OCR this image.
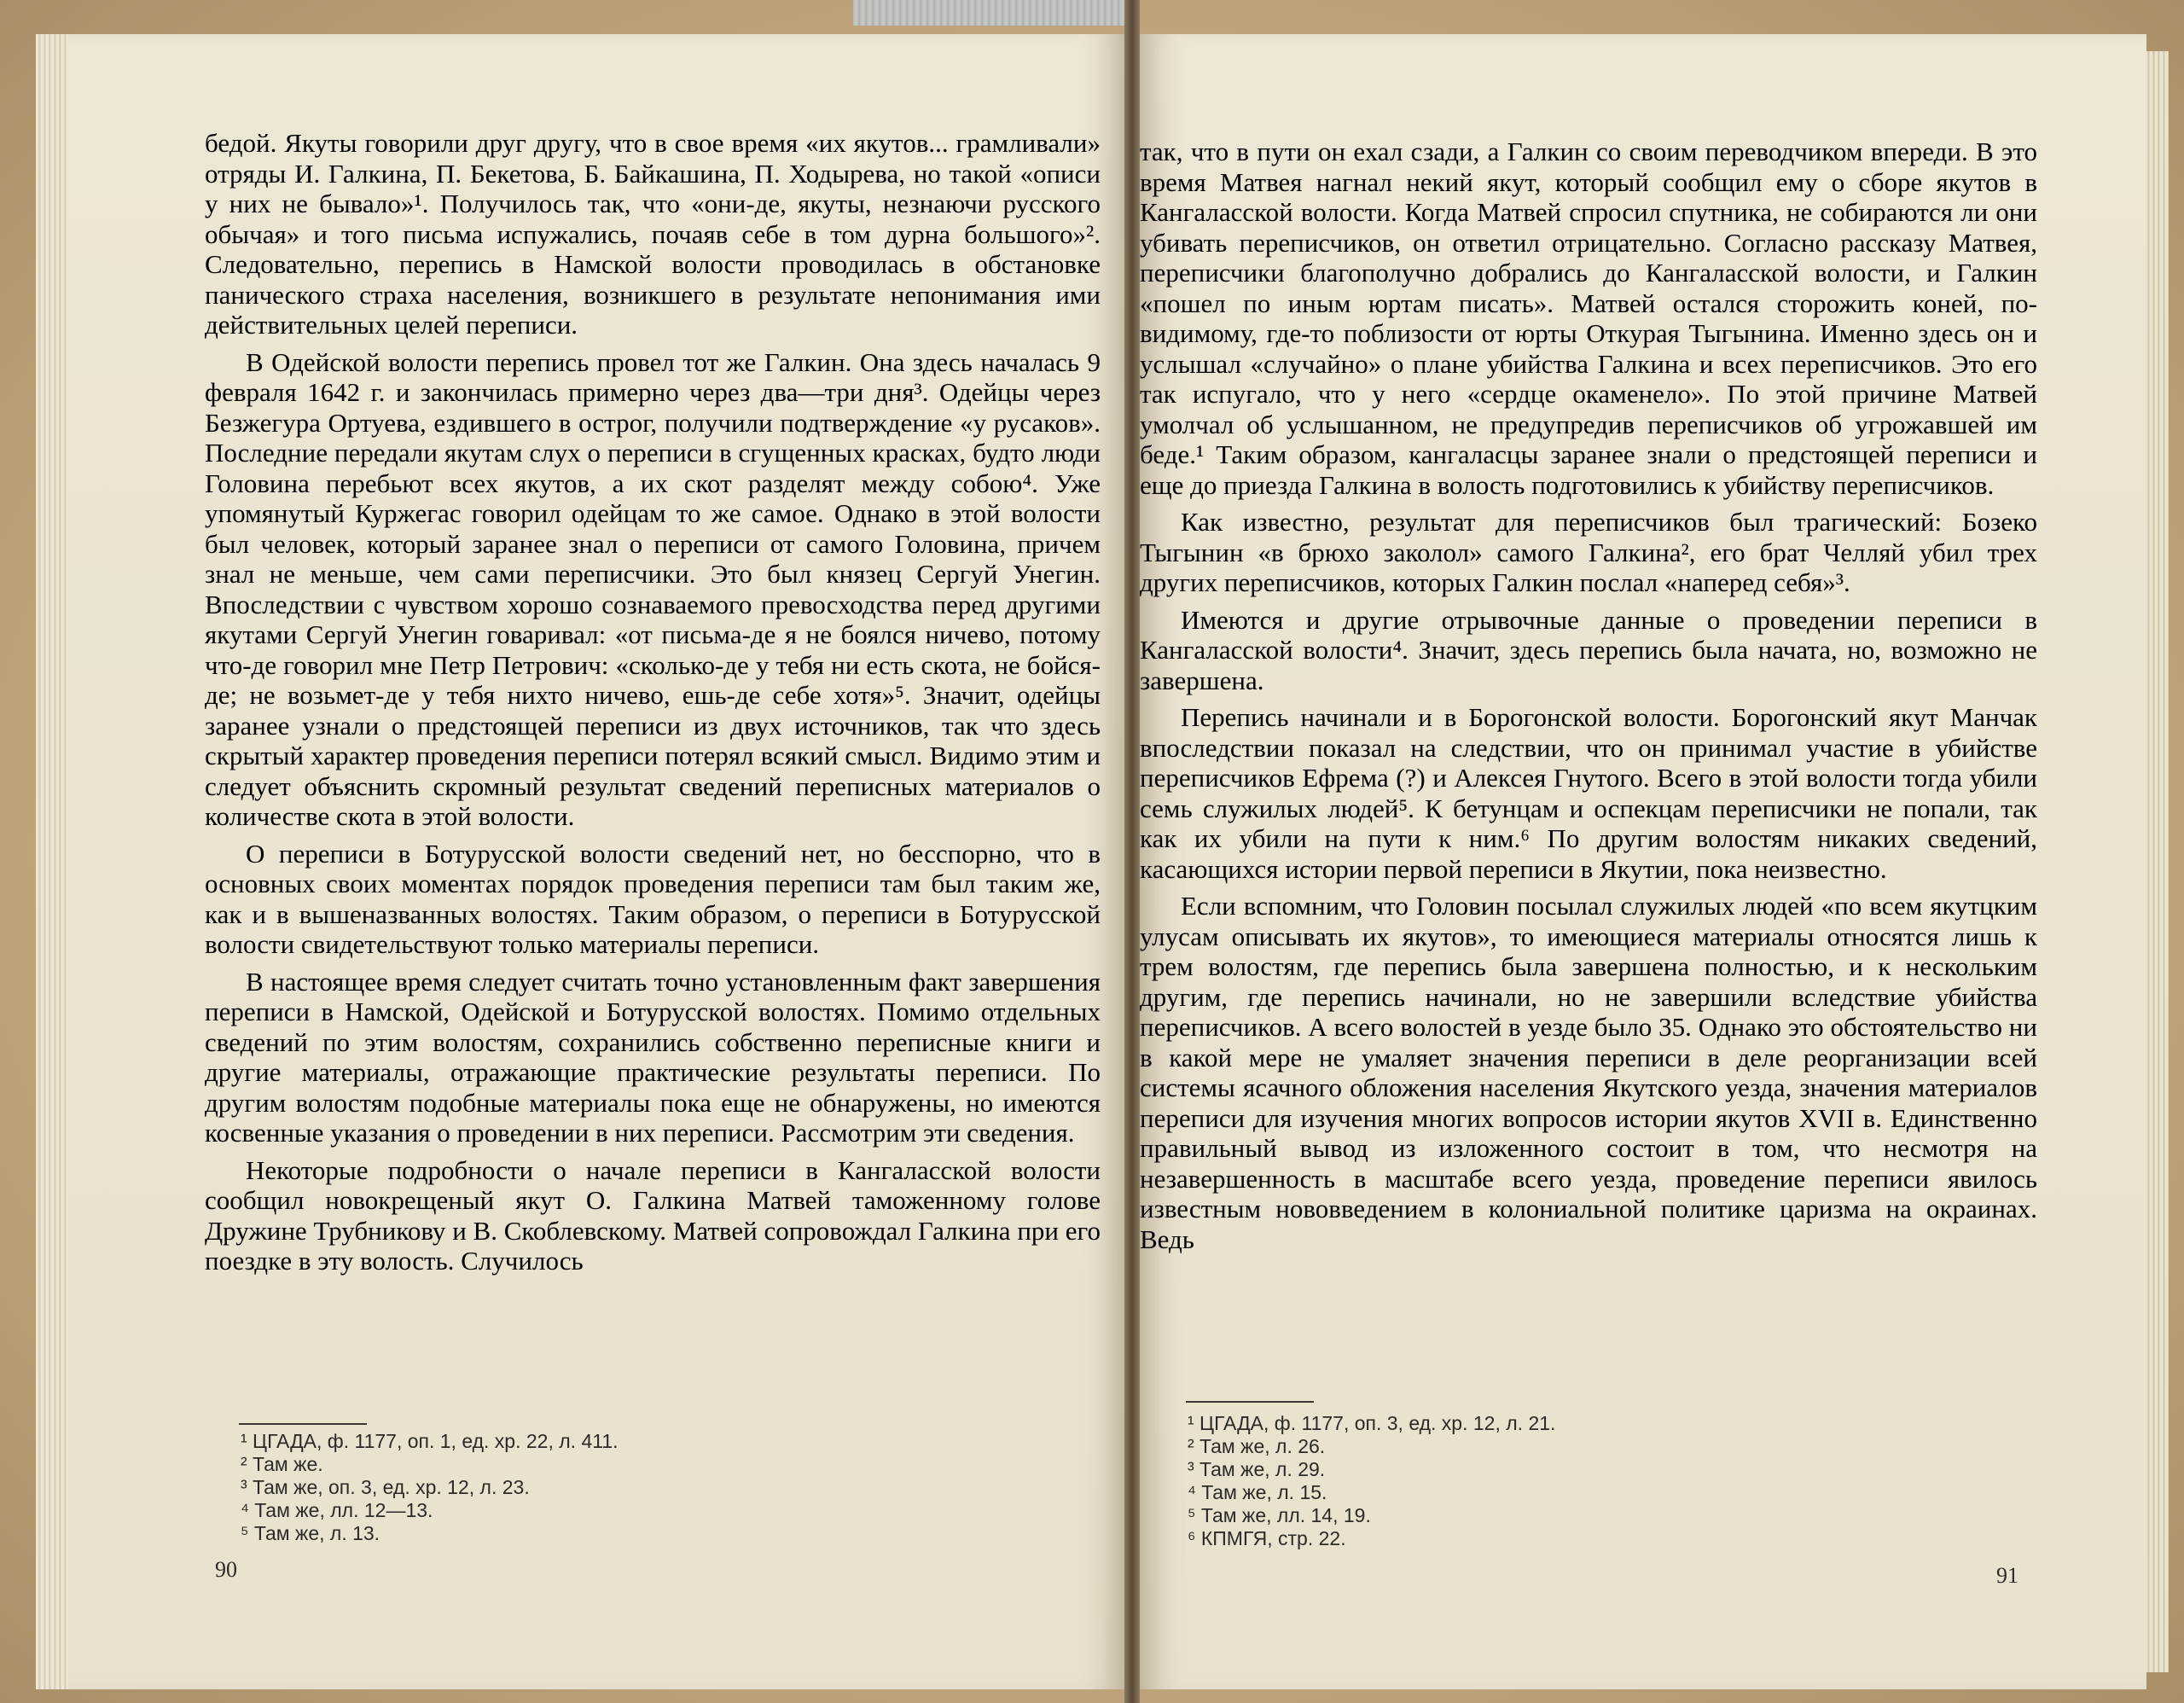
бедой. Якуты говорили друг другу, что в свое время «их якутов... грамливали» отряды И. Галкина, П. Бекетова, Б. Байкашина, П. Ходырева, но такой «описи у них не бывало»¹. Получилось так, что «они-де, якуты, незнаючи русского обычая» и того письма испужались, почаяв себе в том дурна большого»². Следовательно, перепись в Намской волости проводилась в обстановке панического страха населения, возникшего в результате непонимания ими действительных целей переписи.

В Одейской волости перепись провел тот же Галкин. Она здесь началась 9 февраля 1642 г. и закончилась примерно через два—три дня³. Одейцы через Безжегура Ортуева, ездившего в острог, получили подтверждение «у русаков». Последние передали якутам слух о переписи в сгущенных красках, будто люди Головина перебьют всех якутов, а их скот разделят между собою⁴. Уже упомянутый Куржегас говорил одейцам то же самое. Однако в этой волости был человек, который заранее знал о переписи от самого Головина, причем знал не меньше, чем сами переписчики. Это был князец Сергуй Унегин. Впоследствии с чувством хорошо сознаваемого превосходства перед другими якутами Сергуй Унегин говаривал: «от письма-де я не боялся ничево, потому что-де говорил мне Петр Петрович: «сколько-де у тебя ни есть скота, не бойся-де; не возьмет-де у тебя нихто ничево, ешь-де себе хотя»⁵. Значит, одейцы заранее узнали о предстоящей переписи из двух источников, так что здесь скрытый характер проведения переписи потерял всякий смысл. Видимо этим и следует объяснить скромный результат сведений переписных материалов о количестве скота в этой волости.

О переписи в Ботурусской волости сведений нет, но бесспорно, что в основных своих моментах порядок проведения переписи там был таким же, как и в вышеназванных волостях. Таким образом, о переписи в Ботурусской волости свидетельствуют только материалы переписи.

В настоящее время следует считать точно установленным факт завершения переписи в Намской, Одейской и Ботурусской волостях. Помимо отдельных сведений по этим волостям, сохранились собственно переписные книги и другие материалы, отражающие практические результаты переписи. По другим волостям подобные материалы пока еще не обнаружены, но имеются косвенные указания о проведении в них переписи. Рассмотрим эти сведения.

Некоторые подробности о начале переписи в Кангаласской волости сообщил новокрещеный якут О. Галкина Матвей таможенному голове Дружине Трубникову и В. Скоблевскому. Матвей сопровождал Галкина при его поездке в эту волость. Случилось

¹ ЦГАДА, ф. 1177, оп. 1, ед. хр. 22, л. 411.
² Там же.
³ Там же, оп. 3, ед. хр. 12, л. 23.
⁴ Там же, лл. 12—13.
⁵ Там же, л. 13.
90

так, что в пути он ехал сзади, а Галкин со своим переводчиком впереди. В это время Матвея нагнал некий якут, который сообщил ему о сборе якутов в Кангаласской волости. Когда Матвей спросил спутника, не собираются ли они убивать переписчиков, он ответил отрицательно. Согласно рассказу Матвея, переписчики благополучно добрались до Кангаласской волости, и Галкин «пошел по иным юртам писать». Матвей остался сторожить коней, по-видимому, где-то поблизости от юрты Откурая Тыгынина. Именно здесь он и услышал «случайно» о плане убийства Галкина и всех переписчиков. Это его так испугало, что у него «сердце окаменело». По этой причине Матвей умолчал об услышанном, не предупредив переписчиков об угрожавшей им беде.¹ Таким образом, кангаласцы заранее знали о предстоящей переписи и еще до приезда Галкина в волость подготовились к убийству переписчиков.

Как известно, результат для переписчиков был трагический: Бозеко Тыгынин «в брюхо заколол» самого Галкина², его брат Челляй убил трех других переписчиков, которых Галкин послал «наперед себя»³.

Имеются и другие отрывочные данные о проведении переписи в Кангаласской волости⁴. Значит, здесь перепись была начата, но, возможно не завершена.

Перепись начинали и в Борогонской волости. Борогонский якут Манчак впоследствии показал на следствии, что он принимал участие в убийстве переписчиков Ефрема (?) и Алексея Гнутого. Всего в этой волости тогда убили семь служилых людей⁵. К бетунцам и оспекцам переписчики не попали, так как их убили на пути к ним.⁶ По другим волостям никаких сведений, касающихся истории первой переписи в Якутии, пока неизвестно.

Если вспомним, что Головин посылал служилых людей «по всем якутцким улусам описывать их якутов», то имеющиеся материалы относятся лишь к трем волостям, где перепись была завершена полностью, и к нескольким другим, где перепись начинали, но не завершили вследствие убийства переписчиков. А всего волостей в уезде было 35. Однако это обстоятельство ни в какой мере не умаляет значения переписи в деле реорганизации всей системы ясачного обложения населения Якутского уезда, значения материалов переписи для изучения многих вопросов истории якутов XVII в. Единственно правильный вывод из изложенного состоит в том, что несмотря на незавершенность в масштабе всего уезда, проведение переписи явилось известным нововведением в колониальной политике царизма на окраинах. Ведь

¹ ЦГАДА, ф. 1177, оп. 3, ед. хр. 12, л. 21.
² Там же, л. 26.
³ Там же, л. 29.
⁴ Там же, л. 15.
⁵ Там же, лл. 14, 19.
⁶ КПМГЯ, стр. 22.
91
